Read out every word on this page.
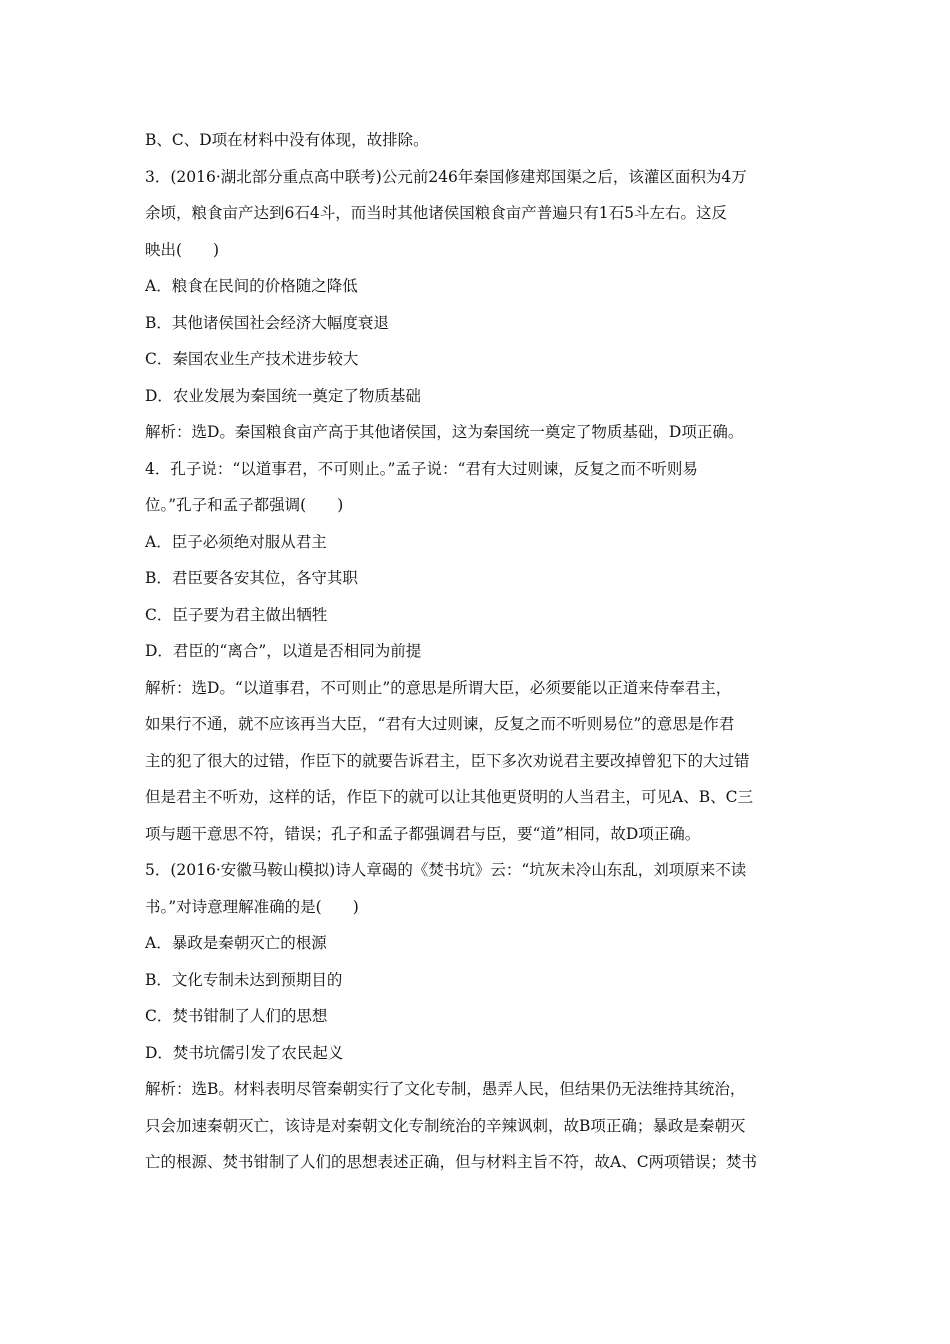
B、C、D项在材料中没有体现，故排除。
3．(2016·湖北部分重点高中联考)公元前246年秦国修建郑国渠之后，该灌区面积为4万
余顷，粮食亩产达到6石4斗，而当时其他诸侯国粮食亩产普遍只有1石5斗左右。这反
映出(　　)
A．粮食在民间的价格随之降低
B．其他诸侯国社会经济大幅度衰退
C．秦国农业生产技术进步较大
D．农业发展为秦国统一奠定了物质基础
解析：选D。秦国粮食亩产高于其他诸侯国，这为秦国统一奠定了物质基础，D项正确。
4．孔子说：“以道事君，不可则止。”孟子说：“君有大过则谏，反复之而不听则易
位。”孔子和孟子都强调(　　)
A．臣子必须绝对服从君主
B．君臣要各安其位，各守其职
C．臣子要为君主做出牺牲
D．君臣的“离合”，以道是否相同为前提
解析：选D。“以道事君，不可则止”的意思是所谓大臣，必须要能以正道来侍奉君主，
如果行不通，就不应该再当大臣，“君有大过则谏，反复之而不听则易位”的意思是作君
主的犯了很大的过错，作臣下的就要告诉君主，臣下多次劝说君主要改掉曾犯下的大过错
但是君主不听劝，这样的话，作臣下的就可以让其他更贤明的人当君主，可见A、B、C三
项与题干意思不符，错误；孔子和孟子都强调君与臣，要“道”相同，故D项正确。
5．(2016·安徽马鞍山模拟)诗人章碣的《焚书坑》云：“坑灰未冷山东乱，刘项原来不读
书。”对诗意理解准确的是(　　)
A．暴政是秦朝灭亡的根源
B．文化专制未达到预期目的
C．焚书钳制了人们的思想
D．焚书坑儒引发了农民起义
解析：选B。材料表明尽管秦朝实行了文化专制，愚弄人民，但结果仍无法维持其统治，
只会加速秦朝灭亡，该诗是对秦朝文化专制统治的辛辣讽刺，故B项正确；暴政是秦朝灭
亡的根源、焚书钳制了人们的思想表述正确，但与材料主旨不符，故A、C两项错误；焚书
